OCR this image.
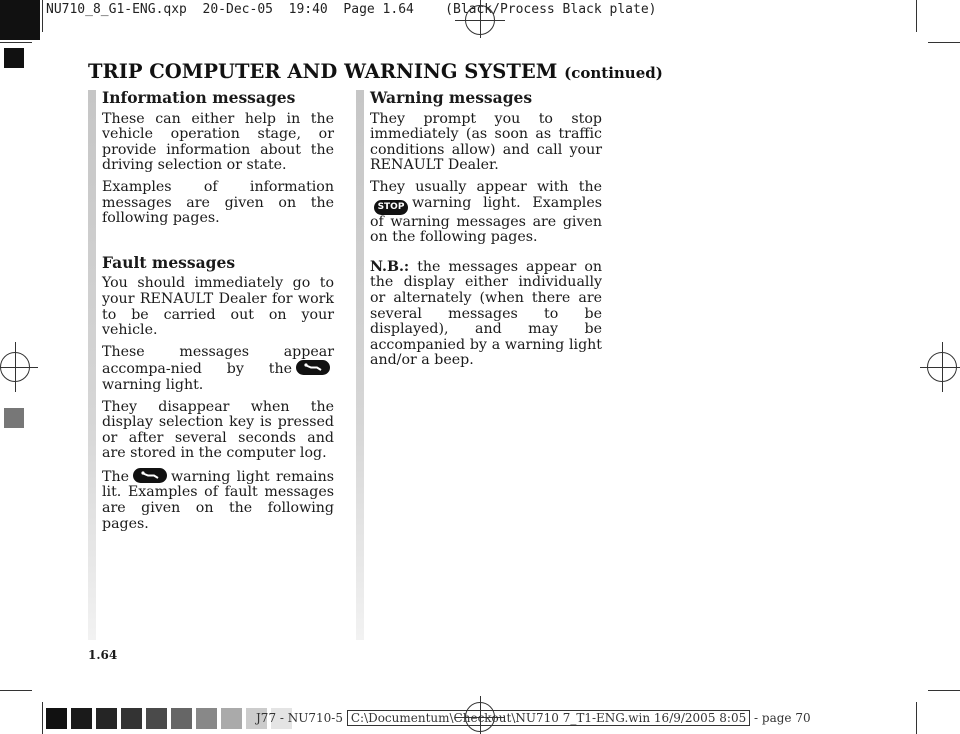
NU710_8_G1-ENG.qxp  20-Dec-05  19:40  Page 1.64    (Black/Process Black plate)
TRIP COMPUTER AND WARNING SYSTEM (continued)
Information messages

These can either help in the vehicle operation stage, or provide information about the driving selection or state.

Examples of information messages are given on the following pages.

Fault messages

You should immediately go to your RENAULT Dealer for work to be carried out on your vehicle.

These messages appear accompa-nied by the
warning light.

They disappear when the display selection key is pressed or after several seconds and are stored in the computer log.

The	warning light remains lit. Examples of fault messages are given on the following pages.

Warning messages

They prompt you to stop immediately (as soon as traffic conditions allow) and call your RENAULT Dealer.

They usually appear with the STOP warning light. Examples of warning messages are given on the following pages.

N.B.: the messages appear on the display either individually or alternately (when there are several messages to be displayed), and may be accompanied by a warning light and/or a beep.

1.64
J77 - NU710-5 C:\Documentum\Checkout\NU710 7_T1-ENG.win 16/9/2005 8:05 - page 70
